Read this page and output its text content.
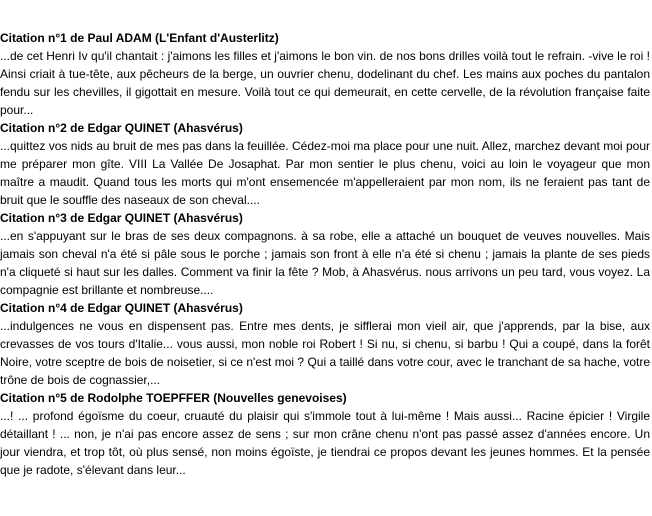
Citation n°1 de Paul ADAM (L'Enfant d'Austerlitz)

...de cet Henri Iv qu'il chantait : j'aimons les filles et j'aimons le bon vin. de nos bons drilles voilà tout le refrain. -vive le roi ! Ainsi criait à tue-tête, aux pêcheurs de la berge, un ouvrier chenu, dodelinant du chef. Les mains aux poches du pantalon fendu sur les chevilles, il gigottait en mesure. Voilà tout ce qui demeurait, en cette cervelle, de la révolution française faite pour...

Citation n°2 de Edgar QUINET (Ahasvérus)

...quittez vos nids au bruit de mes pas dans la feuillée. Cédez-moi ma place pour une nuit. Allez, marchez devant moi pour me préparer mon gîte. VIII La Vallée De Josaphat. Par mon sentier le plus chenu, voici au loin le voyageur que mon maître a maudit. Quand tous les morts qui m'ont ensemencée m'appelleraient par mon nom, ils ne feraient pas tant de bruit que le souffle des naseaux de son cheval....

Citation n°3 de Edgar QUINET (Ahasvérus)

...en s'appuyant sur le bras de ses deux compagnons. à sa robe, elle a attaché un bouquet de veuves nouvelles. Mais jamais son cheval n'a été si pâle sous le porche ; jamais son front à elle n'a été si chenu ; jamais la plante de ses pieds n'a cliqueté si haut sur les dalles. Comment va finir la fête ? Mob, à Ahasvérus. nous arrivons un peu tard, vous voyez. La compagnie est brillante et nombreuse....

Citation n°4 de Edgar QUINET (Ahasvérus)

...indulgences ne vous en dispensent pas. Entre mes dents, je sifflerai mon vieil air, que j'apprends, par la bise, aux crevasses de vos tours d'Italie... vous aussi, mon noble roi Robert ! Si nu, si chenu, si barbu ! Qui a coupé, dans la forêt Noire, votre sceptre de bois de noisetier, si ce n'est moi ? Qui a taillé dans votre cour, avec le tranchant de sa hache, votre trône de bois de cognassier,...

Citation n°5 de Rodolphe TOEPFFER (Nouvelles genevoises)

...! ... profond égoïsme du coeur, cruauté du plaisir qui s'immole tout à lui-même ! Mais aussi... Racine épicier ! Virgile détaillant ! ... non, je n'ai pas encore assez de sens ; sur mon crâne chenu n'ont pas passé assez d'années encore. Un jour viendra, et trop tôt, où plus sensé, non moins égoïste, je tiendrai ce propos devant les jeunes hommes. Et la pensée que je radote, s'élevant dans leur...
